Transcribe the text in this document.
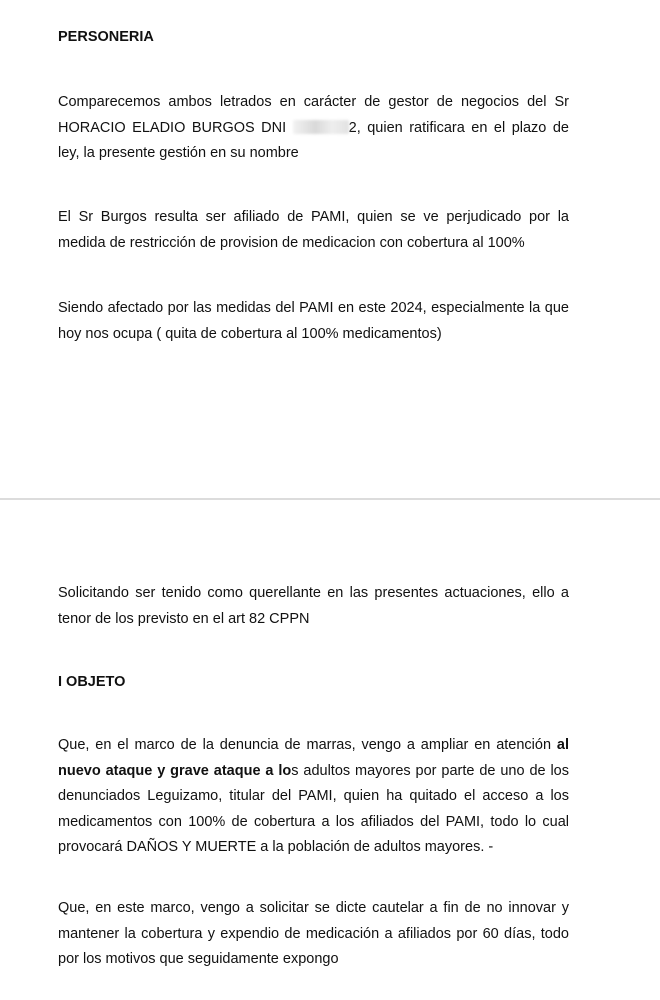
PERSONERIA

Comparecemos ambos letrados en carácter de gestor de negocios del Sr HORACIO ELADIO BURGOS DNI	2, quien ratificara en el plazo de ley, la presente gestión en su nombre

El Sr Burgos resulta ser afiliado de PAMI, quien se ve perjudicado por la medida de restricción de provision de medicacion con cobertura al 100%

Siendo afectado por las medidas del PAMI en este 2024, especialmente la que hoy nos ocupa ( quita de cobertura al 100% medicamentos)

Solicitando ser tenido como querellante en las presentes actuaciones, ello a tenor de los previsto en el art 82 CPPN

I OBJETO

Que, en el marco de la denuncia de marras, vengo a ampliar en atención al nuevo ataque y grave ataque a los adultos mayores por parte de uno de los denunciados Leguizamo, titular del PAMI, quien ha quitado el acceso a los medicamentos con 100% de cobertura a los afiliados del PAMI, todo lo cual provocará DAÑOS Y MUERTE a la población de adultos mayores. -

Que, en este marco, vengo a solicitar se dicte cautelar a fin de no innovar y mantener la cobertura y expendio de medicación a afiliados por 60 días, todo por los motivos que seguidamente expongo
